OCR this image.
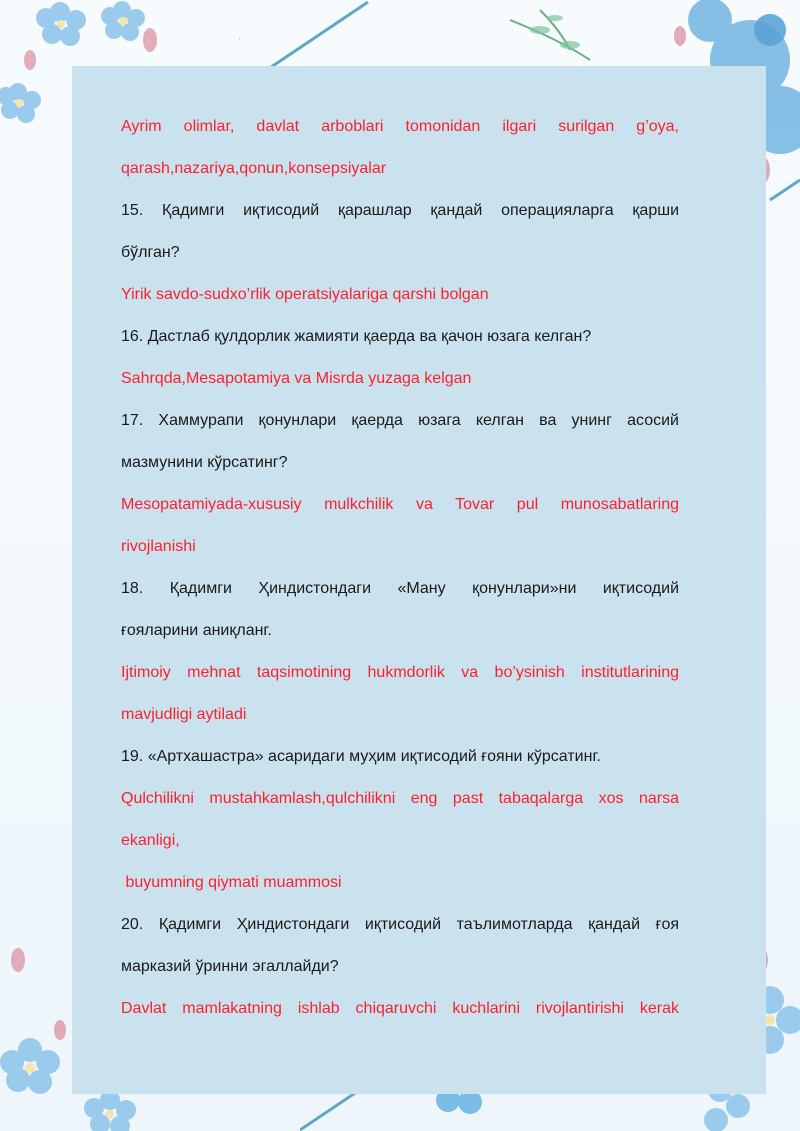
Ayrim olimlar, davlat arboblari tomonidan ilgari surilgan g’oya,
qarash,nazariya,qonun,konsepsiyalar
15. Қадимги иқтисодий қарашлар қандай операцияларга қарши
бўлган?
Yirik savdo-sudxo’rlik operatsiyalariga qarshi bolgan
16. Дастлаб қулдорлик жамияти қаерда ва қачон юзага келган?
Sahrqda,Mesapotamiya va Misrda yuzaga kelgan
17. Хаммурапи қонунлари қаерда юзага келган ва унинг асосий
мазмунини кўрсатинг?
Mesopatamiyada-xususiy mulkchilik va Tovar pul munosabatlaring
rivojlanishi
18. Қадимги Ҳиндистондаги «Ману қонунлари»ни иқтисодий
ғояларини аниқланг.
Ijtimoiy mehnat taqsimotining hukmdorlik va bo’ysinish institutlarining
mavjudligi aytiladi
19. «Артхашастра» асаридаги муҳим иқтисодий ғояни кўрсатинг.
Qulchilikni mustahkamlash,qulchilikni eng past tabaqalarga xos narsa
ekanligi,
buyumning qiymati muammosi
20. Қадимги Ҳиндистондаги иқтисодий таълимотларда қандай ғоя
марказий ўринни эгаллайди?
Davlat mamlakatning ishlab chiqaruvchi kuchlarini rivojlantirishi kerak
